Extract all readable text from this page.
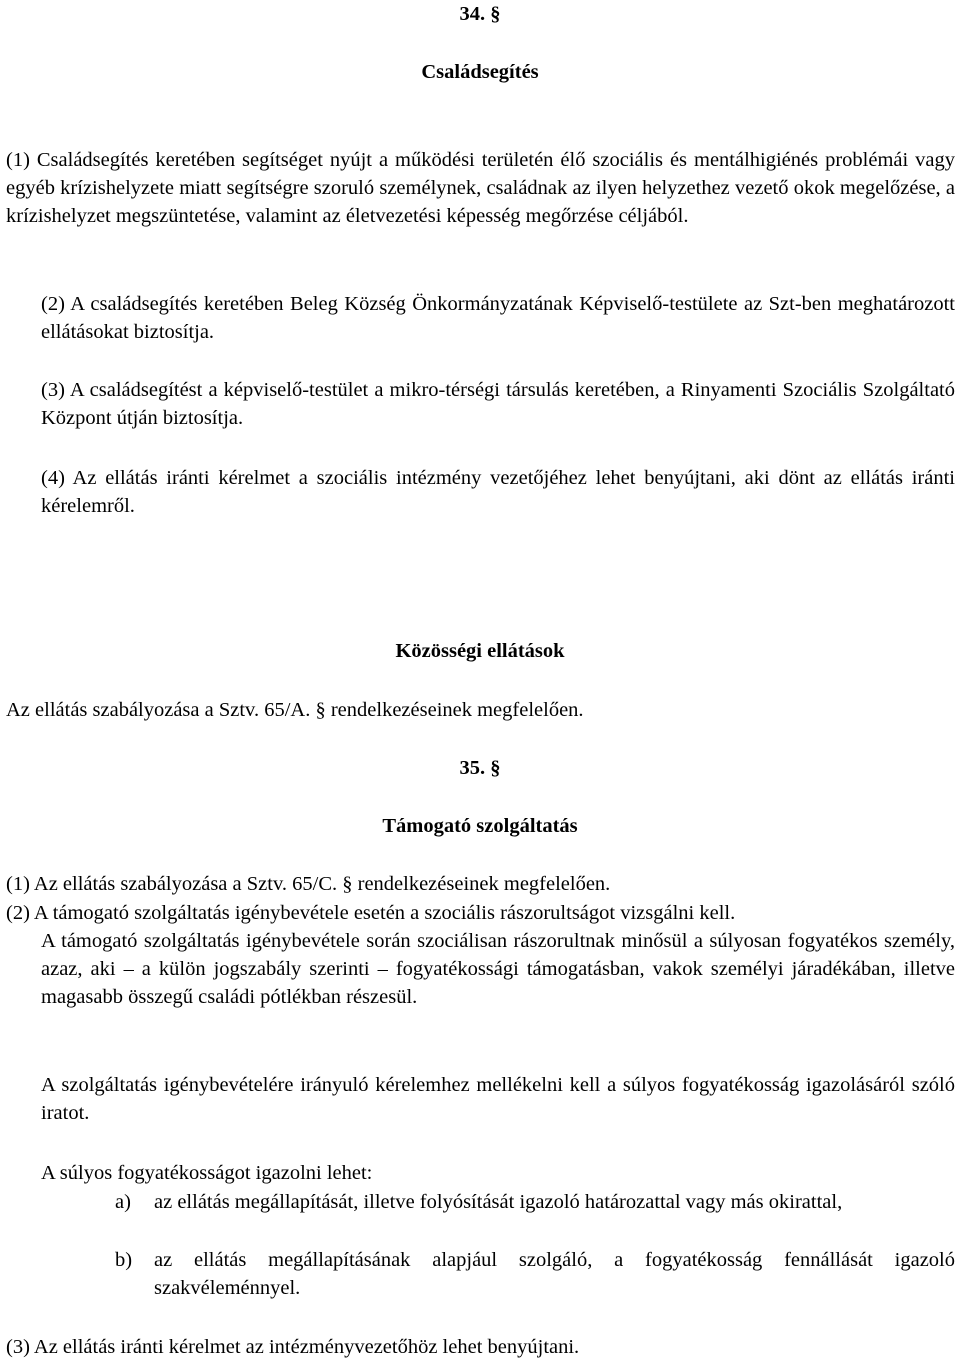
34. §

Családsegítés

(1) Családsegítés keretében segítséget nyújt a működési területén élő szociális és mentálhigiénés problémái vagy egyéb krízishelyzete miatt segítségre szoruló személynek, családnak az ilyen helyzethez vezető okok megelőzése, a krízishelyzet megszüntetése, valamint az életvezetési képesség megőrzése céljából.

(2) A családsegítés keretében Beleg Község Önkormányzatának Képviselő-testülete az Szt-ben meghatározott ellátásokat biztosítja.

(3) A családsegítést a képviselő-testület a mikro-térségi társulás keretében, a Rinyamenti Szociális Szolgáltató Központ útján biztosítja.

(4) Az ellátás iránti kérelmet a szociális intézmény vezetőjéhez lehet benyújtani, aki dönt az ellátás iránti kérelemről.

Közösségi ellátások

Az ellátás szabályozása a Sztv. 65/A. § rendelkezéseinek megfelelően.

35. §

Támogató szolgáltatás

(1) Az ellátás szabályozása a Sztv. 65/C. § rendelkezéseinek megfelelően.

(2) A támogató szolgáltatás igénybevétele esetén a szociális rászorultságot vizsgálni kell.

A támogató szolgáltatás igénybevétele során szociálisan rászorultnak minősül a súlyosan fogyatékos személy, azaz, aki – a külön jogszabály szerinti – fogyatékossági támogatásban, vakok személyi járadékában, illetve magasabb összegű családi pótlékban részesül.

A szolgáltatás igénybevételére irányuló kérelemhez mellékelni kell a súlyos fogyatékosság igazolásáról szóló iratot.

A súlyos fogyatékosságot igazolni lehet:

a)	az ellátás megállapítását, illetve folyósítását igazoló határozattal vagy más okirattal,
b)	az ellátás megállapításának alapjául szolgáló, a fogyatékosság fennállását igazoló szakvéleménnyel.

(3) Az ellátás iránti kérelmet az intézményvezetőhöz lehet benyújtani.
